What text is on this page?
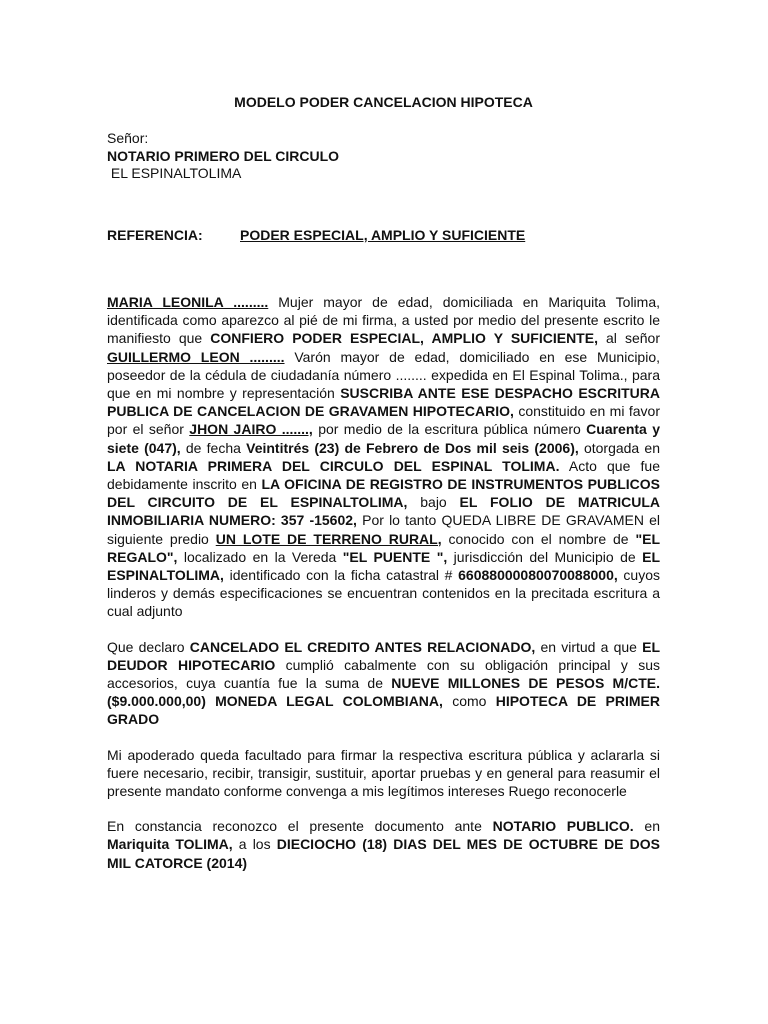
MODELO PODER CANCELACION HIPOTECA
Señor:
NOTARIO PRIMERO DEL CIRCULO
EL ESPINALTOLIMA
REFERENCIA:	PODER ESPECIAL, AMPLIO Y SUFICIENTE

MARIA LEONILA ......... Mujer mayor de edad, domiciliada en Mariquita Tolima, identificada como aparezco al pié de mi firma, a usted por medio del presente escrito le manifiesto que CONFIERO PODER ESPECIAL, AMPLIO Y SUFICIENTE, al señor GUILLERMO LEON ......... Varón mayor de edad, domiciliado en ese Municipio, poseedor de la cédula de ciudadanía número ........ expedida en El Espinal Tolima., para que en mi nombre y representación SUSCRIBA ANTE ESE DESPACHO ESCRITURA PUBLICA DE CANCELACION DE GRAVAMEN HIPOTECARIO, constituido en mi favor por el señor JHON JAIRO ......., por medio de la escritura pública número Cuarenta y siete (047), de fecha Veintitrés (23) de Febrero de Dos mil seis (2006), otorgada en LA NOTARIA PRIMERA DEL CIRCULO DEL ESPINAL TOLIMA. Acto que fue debidamente inscrito en LA OFICINA DE REGISTRO DE INSTRUMENTOS PUBLICOS DEL CIRCUITO DE EL ESPINALTOLIMA, bajo EL FOLIO DE MATRICULA INMOBILIARIA NUMERO: 357 -15602, Por lo tanto QUEDA LIBRE DE GRAVAMEN el siguiente predio UN LOTE DE TERRENO RURAL, conocido con el nombre de "EL REGALO", localizado en la Vereda "EL PUENTE ", jurisdicción del Municipio de EL ESPINALTOLIMA, identificado con la ficha catastral # 66088000080070088000, cuyos linderos y demás especificaciones se encuentran contenidos en la precitada escritura a cual adjunto

Que declaro CANCELADO EL CREDITO ANTES RELACIONADO, en virtud a que EL DEUDOR HIPOTECARIO cumplió cabalmente con su obligación principal y sus accesorios, cuya cuantía fue la suma de NUEVE MILLONES DE PESOS M/CTE. ($9.000.000,00) MONEDA LEGAL COLOMBIANA, como HIPOTECA DE PRIMER GRADO

Mi apoderado queda facultado para firmar la respectiva escritura pública y aclararla si fuere necesario, recibir, transigir, sustituir, aportar pruebas y en general para reasumir el presente mandato conforme convenga a mis legítimos intereses Ruego reconocerle

En constancia reconozco el presente documento ante NOTARIO PUBLICO. en Mariquita TOLIMA, a los DIECIOCHO (18) DIAS DEL MES DE OCTUBRE DE DOS MIL CATORCE (2014)
